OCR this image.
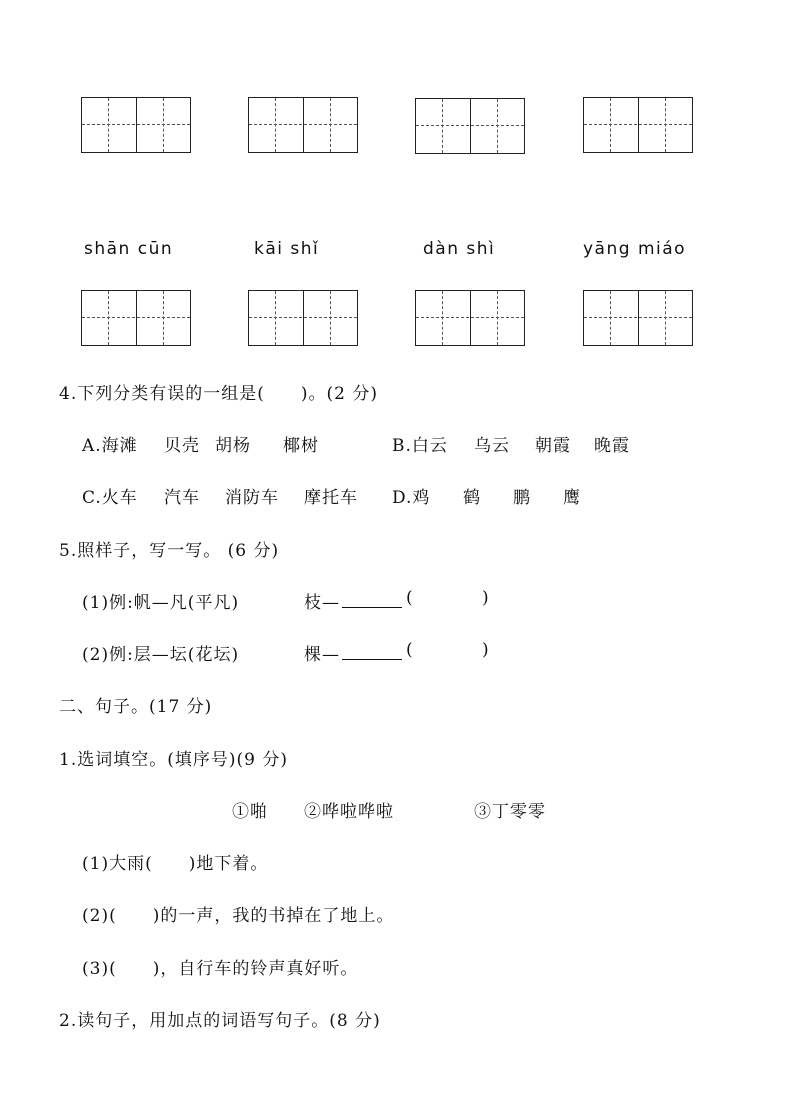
shān cūn	kāi shǐ	dàn shì	yāng miáo
4.下列分类有误的一组是(　　)。(2 分)
A.海滩 贝壳 胡杨 椰树	B.白云 乌云 朝霞 晚霞
C.火车 汽车 消防车 摩托车 D.鸡 鹤 鹏 鹰
5.照样子，写一写。 (6 分)
(1)例:帆—凡(平凡)	枝—	(	)
(2)例:层—坛(花坛)	棵—	(	)
二、句子。(17 分)
1.选词填空。(填序号)(9 分)
①啪 ②哗啦哗啦	③丁零零
(1)大雨(　　)地下着。
(2)(　　)的一声，我的书掉在了地上。
(3)(　　)，自行车的铃声真好听。
2.读句子，用加点的词语写句子。(8 分)
